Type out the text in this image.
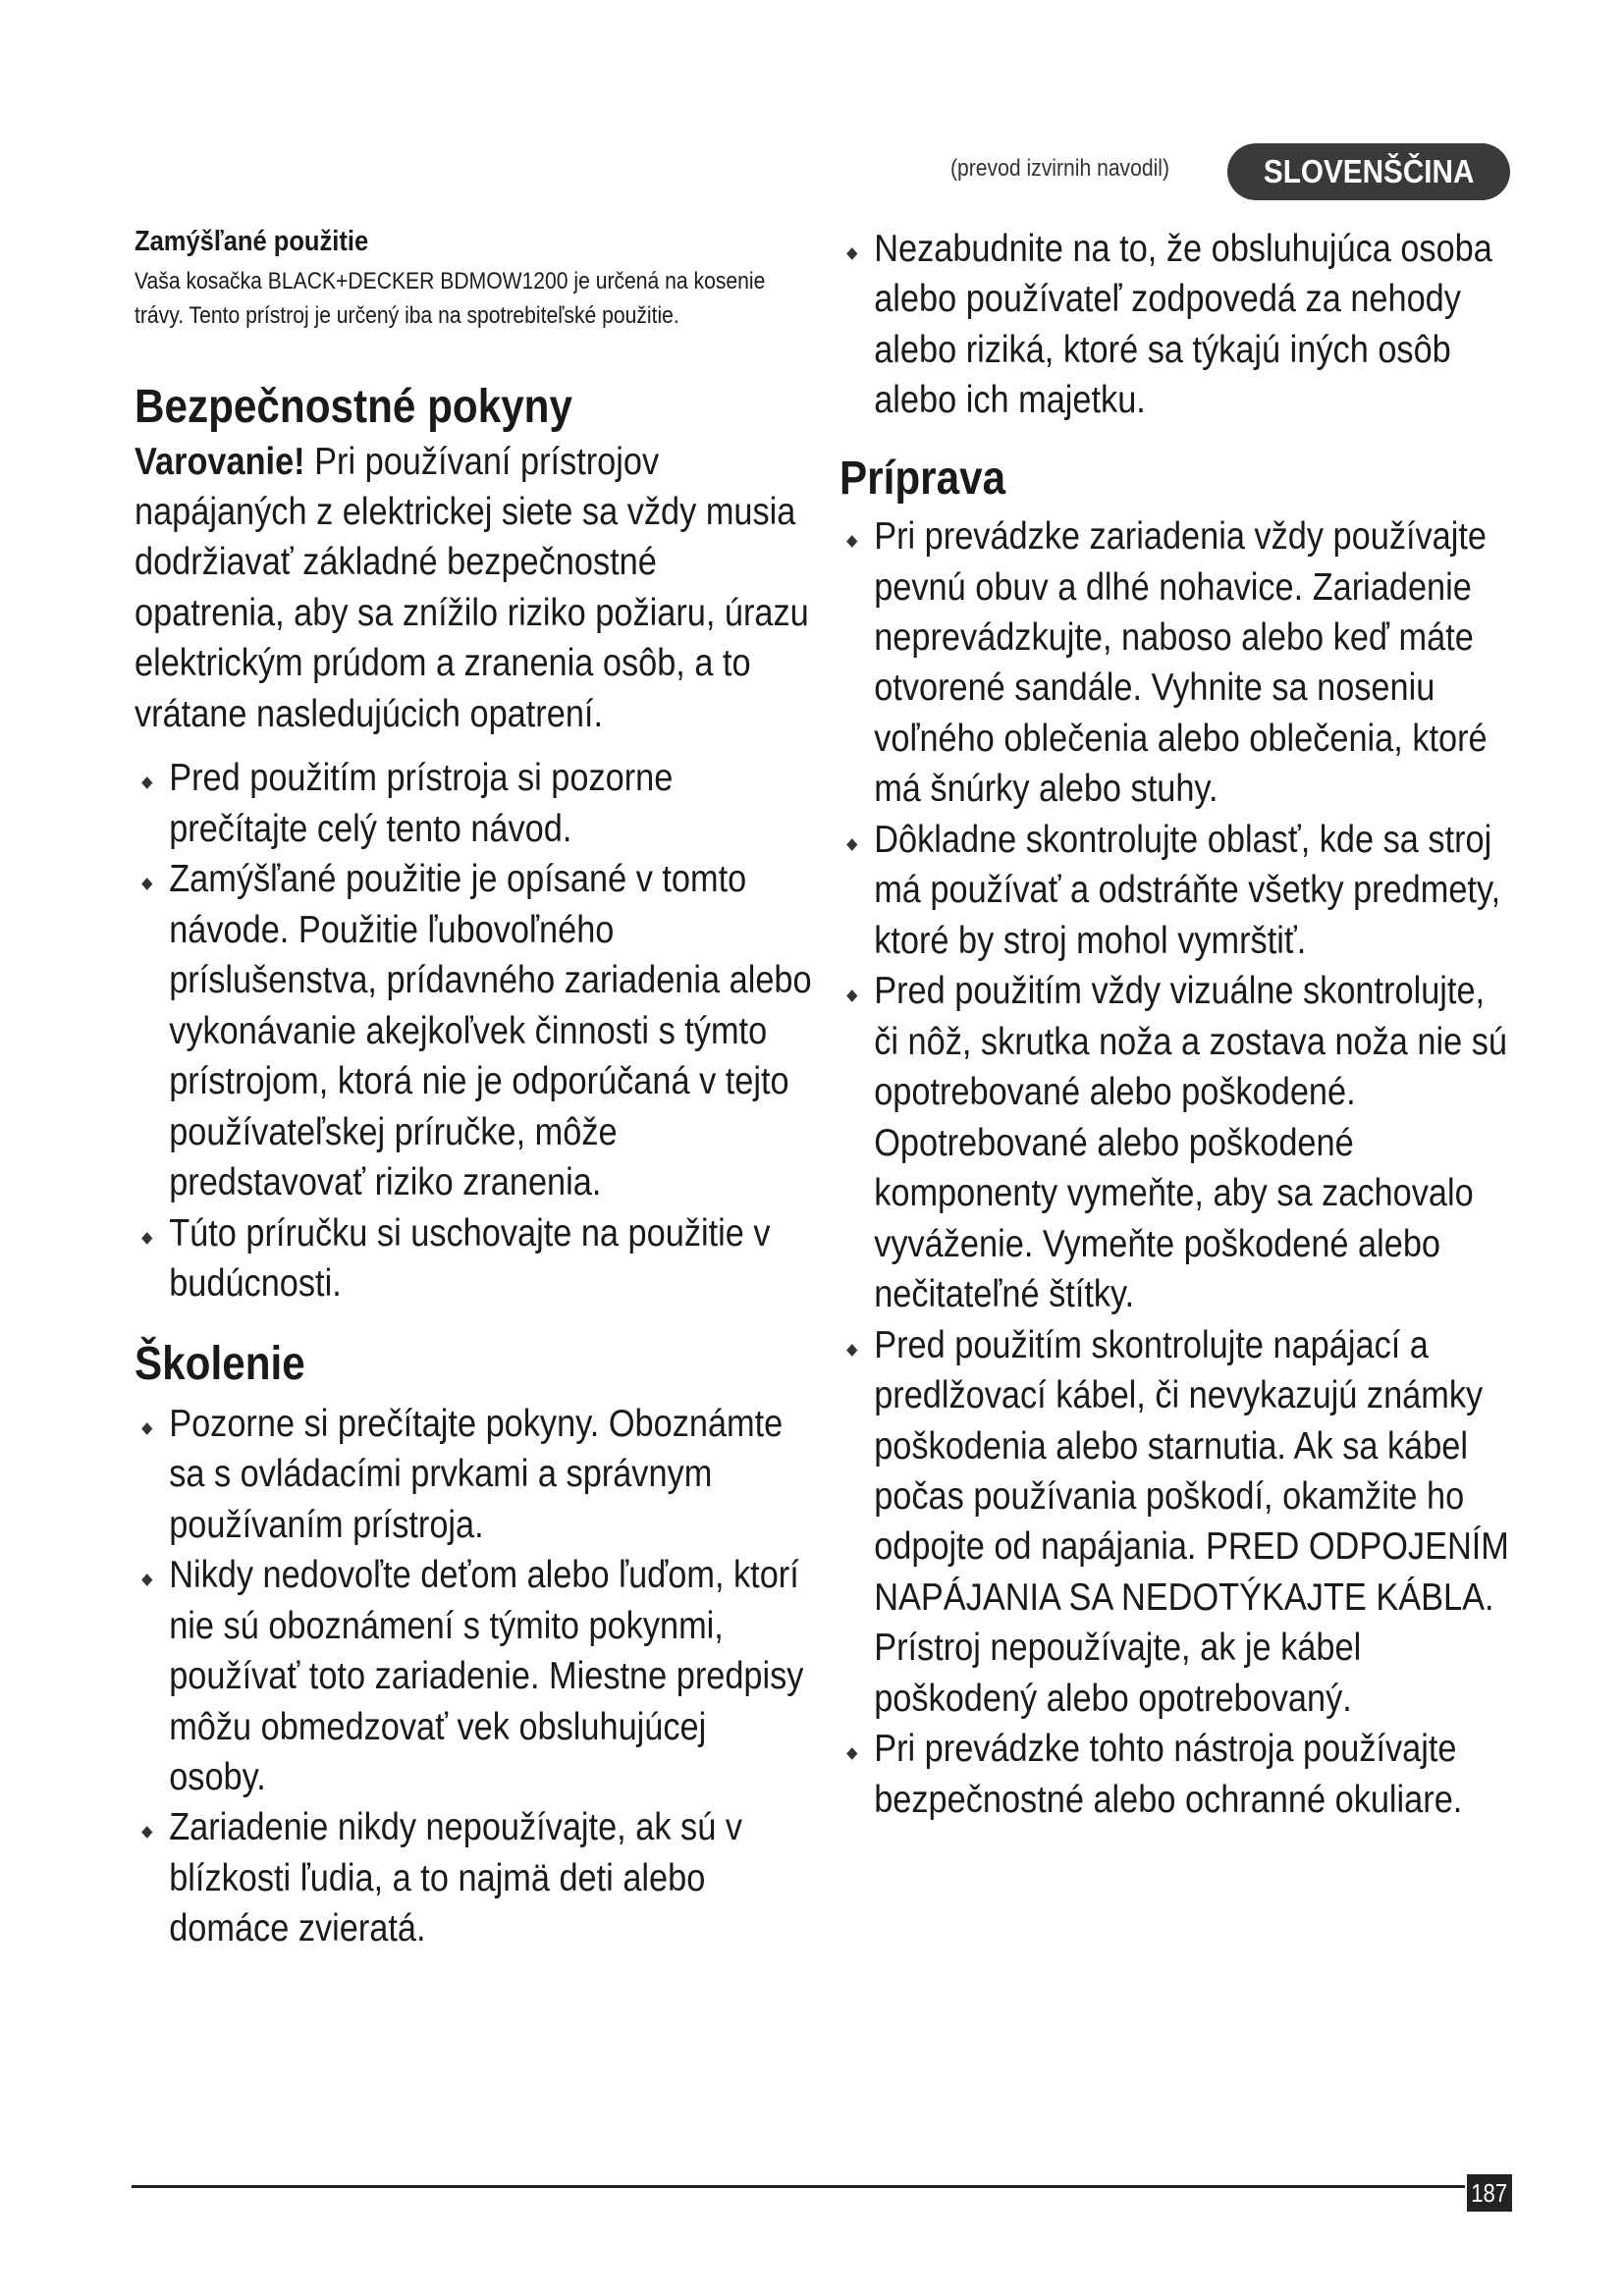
(prevod izvirnih navodil)	SLOVENŠČINA
Zamýšľané použitie

Vaša kosačka BLACK+DECKER BDMOW1200 je určená na kosenie trávy. Tento prístroj je určený iba na spotrebiteľské použitie.

Bezpečnostné pokyny

Varovanie! Pri používaní prístrojov napájaných z elektrickej siete sa vždy musia dodržiavať základné bezpečnostné opatrenia, aby sa znížilo riziko požiaru, úrazu elektrickým prúdom a zranenia osôb, a to vrátane nasledujúcich opatrení.

Pred použitím prístroja si pozorne prečítajte celý tento návod.
Zamýšľané použitie je opísané v tomto návode. Použitie ľubovoľného príslušenstva, prídavného zariadenia alebo vykonávanie akejkoľvek činnosti s týmto prístrojom, ktorá nie je odporúčaná v tejto používateľskej príručke, môže predstavovať riziko zranenia.
Túto príručku si uschovajte na použitie v budúcnosti.
Školenie
Pozorne si prečítajte pokyny. Oboznámte sa s ovládacími prvkami a správnym používaním prístroja.
Nikdy nedovoľte deťom alebo ľuďom, ktorí nie sú oboznámení s týmito pokynmi, používať toto zariadenie. Miestne predpisy môžu obmedzovať vek obsluhujúcej osoby.
Zariadenie nikdy nepoužívajte, ak sú v blízkosti ľudia, a to najmä deti alebo domáce zvieratá.
Nezabudnite na to, že obsluhujúca osoba alebo používateľ zodpovedá za nehody alebo riziká, ktoré sa týkajú iných osôb alebo ich majetku.
Príprava
Pri prevádzke zariadenia vždy používajte pevnú obuv a dlhé nohavice. Zariadenie neprevádzkujte, naboso alebo keď máte otvorené sandále. Vyhnite sa noseniu voľného oblečenia alebo oblečenia, ktoré má šnúrky alebo stuhy.
Dôkladne skontrolujte oblasť, kde sa stroj má používať a odstráňte všetky predmety, ktoré by stroj mohol vymrštiť.
Pred použitím vždy vizuálne skontrolujte, či nôž, skrutka noža a zostava noža nie sú opotrebované alebo poškodené. Opotrebované alebo poškodené komponenty vymeňte, aby sa zachovalo vyváženie. Vymeňte poškodené alebo nečitateľné štítky.
Pred použitím skontrolujte napájací a predlžovací kábel, či nevykazujú známky poškodenia alebo starnutia. Ak sa kábel počas používania poškodí, okamžite ho odpojte od napájania. PRED ODPOJENÍM NAPÁJANIA SA NEDOTÝKAJTE KÁBLA. Prístroj nepoužívajte, ak je kábel poškodený alebo opotrebovaný.
Pri prevádzke tohto nástroja používajte bezpečnostné alebo ochranné okuliare.
187
